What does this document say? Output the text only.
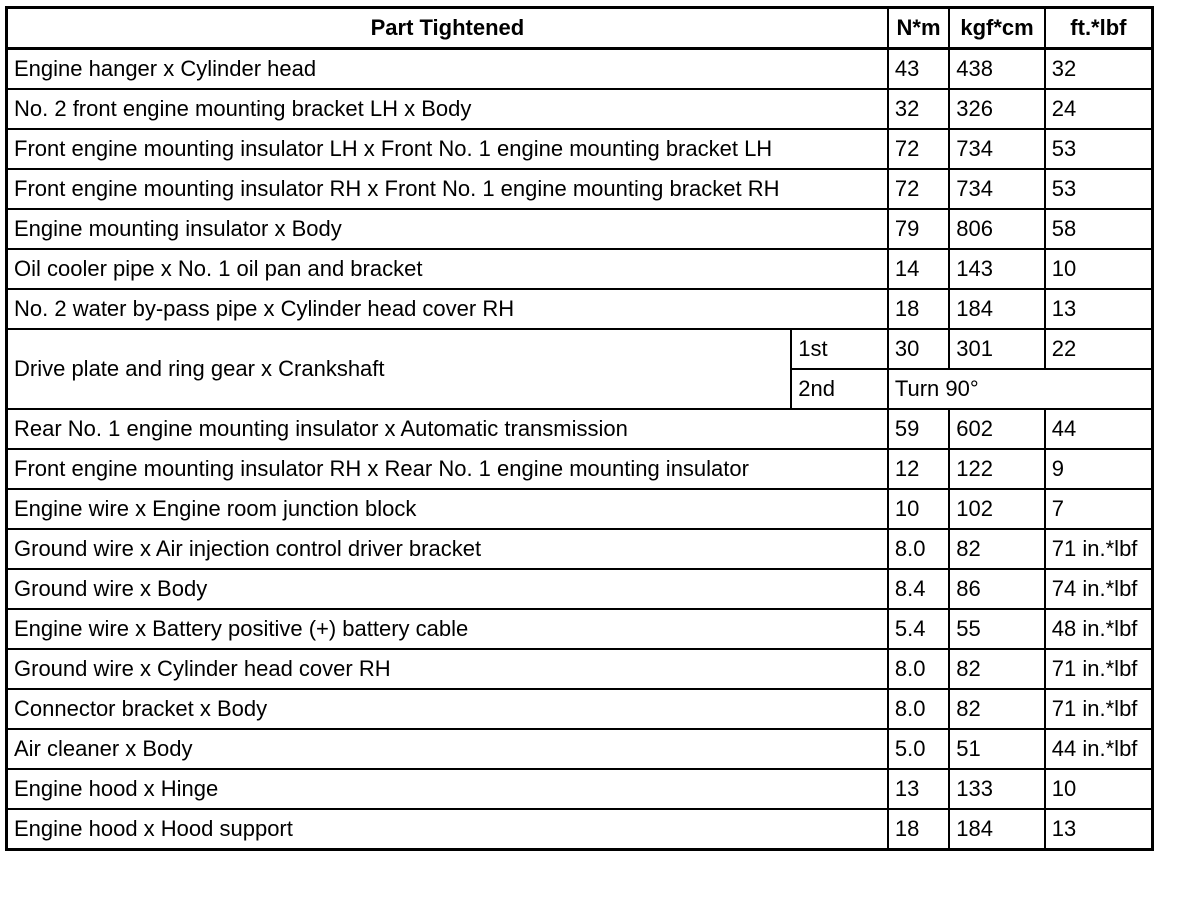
Part Tightened		N*m	kgf*cm	ft.*lbf
Engine hanger x Cylinder head		43	438	32
No. 2 front engine mounting bracket LH x Body		32	326	24
Front engine mounting insulator LH x Front No. 1 engine mounting bracket LH		72	734	53
Front engine mounting insulator RH x Front No. 1 engine mounting bracket RH		72	734	53
Engine mounting insulator x Body		79	806	58
Oil cooler pipe x No. 1 oil pan and bracket		14	143	10
No. 2 water by-pass pipe x Cylinder head cover RH		18	184	13
Drive plate and ring gear x Crankshaft	1st	30	301	22
	2nd	Turn 90°		
Rear No. 1 engine mounting insulator x Automatic transmission		59	602	44
Front engine mounting insulator RH x Rear No. 1 engine mounting insulator		12	122	9
Engine wire x Engine room junction block		10	102	7
Ground wire x Air injection control driver bracket		8.0	82	71 in.*lbf
Ground wire x Body		8.4	86	74 in.*lbf
Engine wire x Battery positive (+) battery cable		5.4	55	48 in.*lbf
Ground wire x Cylinder head cover RH		8.0	82	71 in.*lbf
Connector bracket x Body		8.0	82	71 in.*lbf
Air cleaner x Body		5.0	51	44 in.*lbf
Engine hood x Hinge		13	133	10
Engine hood x Hood support		18	184	13
